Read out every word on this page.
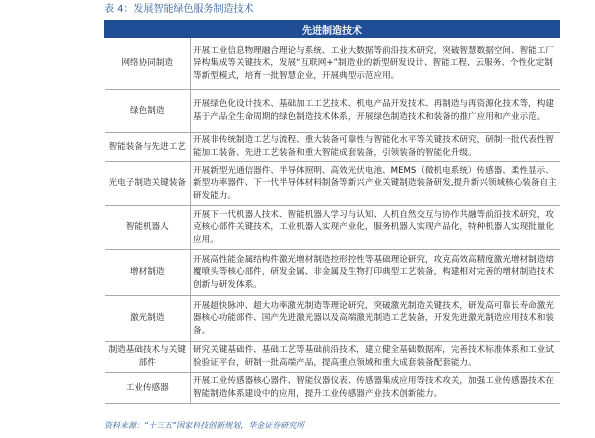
表 4：发展智能绿色服务制造技术
先进制造技术	
网络协同制造	开展工业信息物理融合理论与系统、工业大数据等前沿技术研究，突破智慧数据空间、智能工厂异构集成等关键技术，发展“互联网+”制造业的新型研发设计、智能工程、云服务、个性化定制等新型模式，培育一批智慧企业，开展典型示范应用。
绿色制造	开展绿色化设计技术、基础加工工艺技术、机电产品开发技术、再制造与再资源化技术等，构建基于产品全生命周期的绿色制造技术体系，开展绿色制造技术和装备的推广应用和产业示范。
智能装备与先进工艺	开展非传统制造工艺与流程、重大装备可靠性与智能化水平等关键技术研究，研制一批代表性智能加工装备、先进工艺装备和重大智能成套装备，引领装备的智能化升级。
光电子制造关键装备	开展新型光通信器件、半导体照明、高效光伏电池、MEMS（微机电系统）传感器、柔性显示、新型功率器件、下一代半导体材料制备等新兴产业关键制造装备研发,提升新兴领域核心装备自主研发能力。
智能机器人	开展下一代机器人技术、智能机器人学习与认知、人机自然交互与协作共融等前沿技术研究，攻克核心部件关键技术，工业机器人实现产业化，服务机器人实现产品化，特种机器人实现批量化应用。
增材制造	开展高性能金属结构件激光增材制造控形控性等基础理论研究，攻克高效高精度激光增材制造熔覆喷头等核心部件，研发金属、非金属及生物打印典型工艺装备，构建相对完善的增材制造技术创新与研发体系。
激光制造	开展超快脉冲、超大功率激光制造等理论研究，突破激光制造关键技术，研发高可靠长寿命激光器核心功能部件、国产先进激光器以及高端激光制造工艺装备，开发先进激光制造应用技术和装备。
制造基础技术与关键部件	研究关键基础件、基础工艺等基础前沿技术，建立健全基础数据库，完善技术标准体系和工业试验验证平台，研制一批高端产品，提高重点领域和重大成套装备配套能力。
工业传感器	开展工业传感器核心器件、智能仪器仪表、传感器集成应用等技术攻关，加强工业传感器技术在智能制造体系建设中的应用，提升工业传感器产业技术创新能力。
资料来源：“十三五”国家科技创新规划，华金证券研究所
